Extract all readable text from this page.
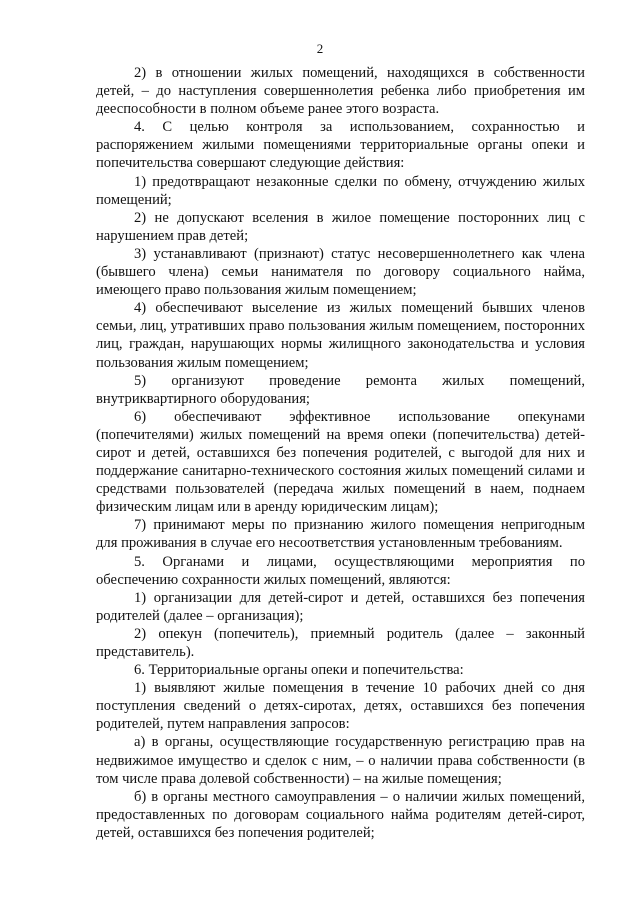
2

2) в отношении жилых помещений, находящихся в собственности детей, – до наступления совершеннолетия ребенка либо приобретения им дееспособности в полном объеме ранее этого возраста.

4. С целью контроля за использованием, сохранностью и распоряжением жилыми помещениями территориальные органы опеки и попечительства совершают следующие действия:

1) предотвращают незаконные сделки по обмену, отчуждению жилых помещений;

2) не допускают вселения в жилое помещение посторонних лиц с нарушением прав детей;

3) устанавливают (признают) статус несовершеннолетнего как члена (бывшего члена) семьи нанимателя по договору социального найма, имеющего право пользования жилым помещением;

4) обеспечивают выселение из жилых помещений бывших членов семьи, лиц, утративших право пользования жилым помещением, посторонних лиц, граждан, нарушающих нормы жилищного законодательства и условия пользования жилым помещением;

5) организуют проведение ремонта жилых помещений, внутриквартирного оборудования;

6) обеспечивают эффективное использование опекунами (попечителями) жилых помещений на время опеки (попечительства) детей-сирот и детей, оставшихся без попечения родителей, с выгодой для них и поддержание санитарно-технического состояния жилых помещений силами и средствами пользователей (передача жилых помещений в наем, поднаем физическим лицам или в аренду юридическим лицам);

7) принимают меры по признанию жилого помещения непригодным для проживания в случае его несоответствия установленным требованиям.

5. Органами и лицами, осуществляющими мероприятия по обеспечению сохранности жилых помещений, являются:

1) организации для детей-сирот и детей, оставшихся без попечения родителей (далее – организация);

2) опекун (попечитель), приемный родитель (далее – законный представитель).

6. Территориальные органы опеки и попечительства:

1) выявляют жилые помещения в течение 10 рабочих дней со дня поступления сведений о детях-сиротах, детях, оставшихся без попечения родителей, путем направления запросов:

а) в органы, осуществляющие государственную регистрацию прав на недвижимое имущество и сделок с ним, – о наличии права собственности (в том числе права долевой собственности) – на жилые помещения;

б) в органы местного самоуправления – о наличии жилых помещений, предоставленных по договорам социального найма родителям детей-сирот, детей, оставшихся без попечения родителей;
